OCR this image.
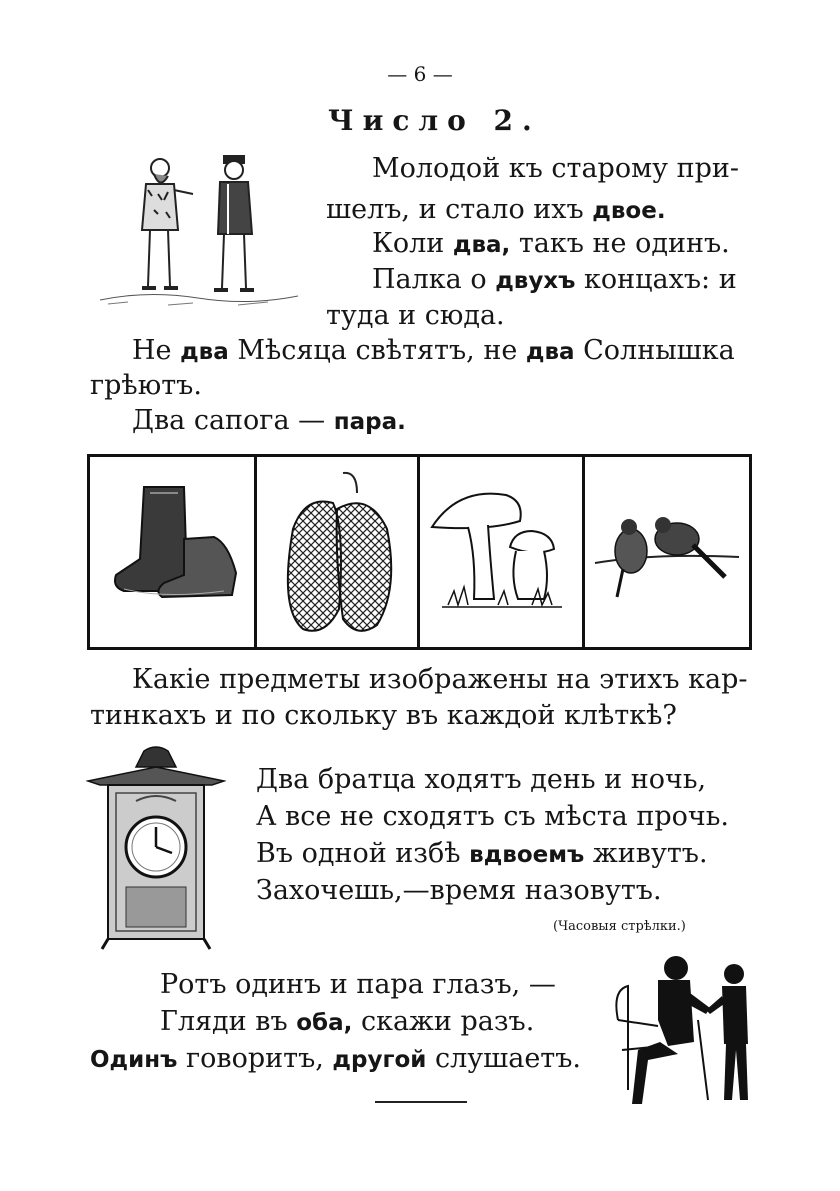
— 6 —
Число 2.
Молодой къ старому при-
шелъ, и стало ихъ двое.
Коли два, такъ не одинъ.
Палка о двухъ концахъ: и
туда и сюда.
Не два Мѣсяца свѣтятъ, не два Солнышка
грѣютъ.
Два сапога — пара.
Какіе предметы изображены на этихъ кар-
тинкахъ и по скольку въ каждой клѣткѣ?
Два братца ходятъ день и ночь,
А все не сходятъ съ мѣста прочь.
Въ одной избѣ вдвоемъ живутъ.
Захочешь,—время назовутъ.
(Часовыя стрѣлки.)
Ротъ одинъ и пара глазъ, —
Гляди въ оба, скажи разъ.
Одинъ говоритъ, другой слушаетъ.
